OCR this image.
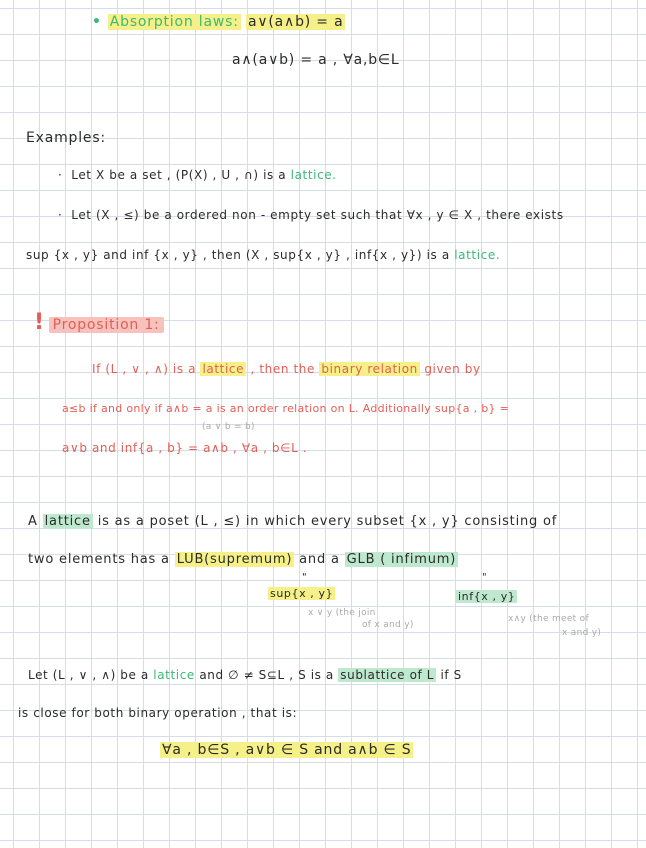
• Absorption laws: a∨(a∧b) = a
a∧(a∨b) = a , ∀a,b∈L
Examples:
·  Let X be a set , (P(X) , U , ∩) is a lattice.
·  Let (X , ≤) be a ordered non - empty set such that ∀x , y ∈ X , there exists
sup {x , y} and inf {x , y} , then (X , sup{x , y} , inf{x , y}) is a lattice.
! Proposition 1:
If (L , ∨ , ∧) is a lattice , then the binary relation given by
a≤b if and only if a∧b = a is an order relation on L. Additionally sup{a , b} =
(a ∨ b = b)
a∨b and inf{a , b} = a∧b , ∀a , b∈L .
A lattice is as a poset (L , ≤) in which every subset {x , y} consisting of
two elements has a LUB(supremum) and a GLB ( infimum)
"	"
sup{x , y}	inf{x , y}
x ∨ y (the join
of x and y)
x∧y (the meet of
x and y)
Let (L , ∨ , ∧) be a lattice and ∅ ≠ S⊆L , S is a sublattice of L if S
is close for both binary operation , that is:
∀a , b∈S , a∨b ∈ S and a∧b ∈ S
